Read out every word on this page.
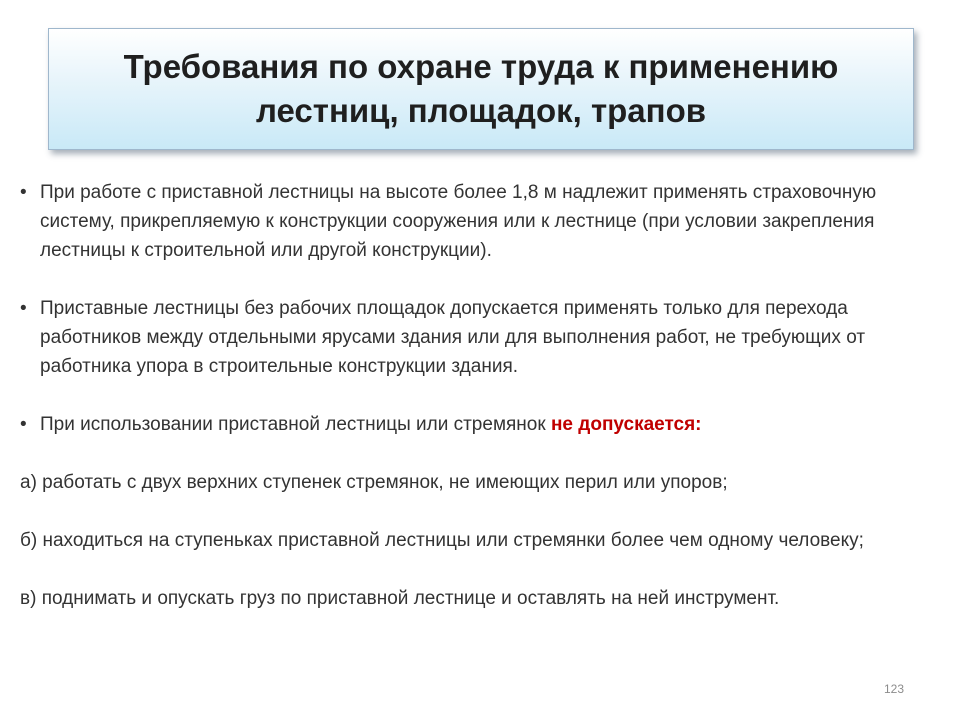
Требования по охране труда к применению лестниц, площадок, трапов
• При работе с приставной лестницы на высоте более 1,8 м надлежит применять страховочную систему, прикрепляемую к конструкции сооружения или к лестнице (при условии закрепления лестницы к строительной или другой конструкции).
• Приставные лестницы без рабочих площадок допускается применять только для перехода работников между отдельными ярусами здания или для выполнения работ, не требующих от работника упора в строительные конструкции здания.
• При использовании приставной лестницы или стремянок не допускается:
а) работать с двух верхних ступенек стремянок, не имеющих перил или упоров;
б) находиться на ступеньках приставной лестницы или стремянки более чем одному человеку;
в) поднимать и опускать груз по приставной лестнице и оставлять на ней инструмент.
123
